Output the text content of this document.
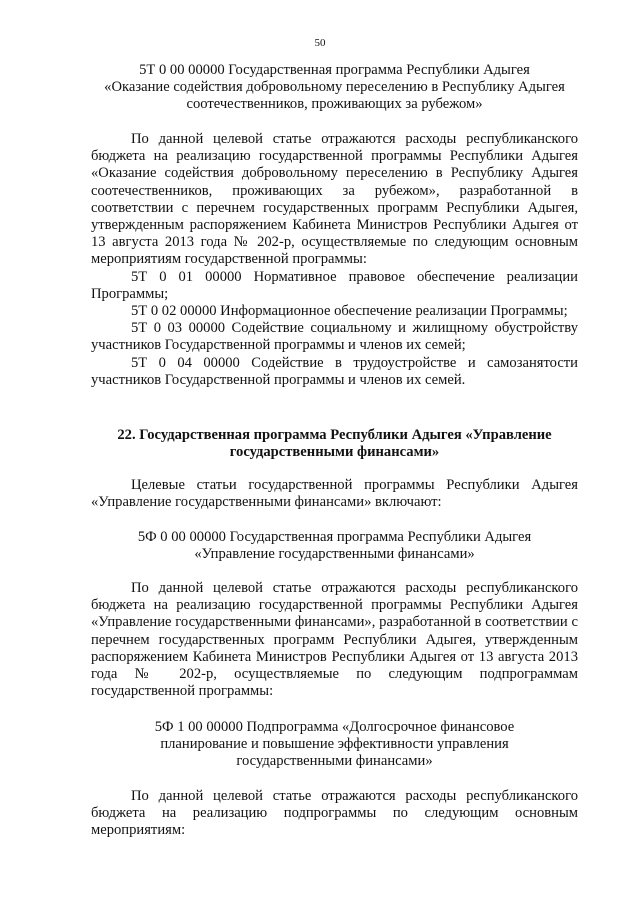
50

5Т 0 00 00000 Государственная программа Республики Адыгея

«Оказание содействия добровольному переселению в Республику Адыгея

соотечественников, проживающих за рубежом»

По данной целевой статье отражаются расходы республиканского бюджета на реализацию государственной программы Республики Адыгея «Оказание содействия добровольному переселению в Республику Адыгея соотечественников, проживающих за рубежом», разработанной в соответствии с перечнем государственных программ Республики Адыгея, утвержденным распоряжением Кабинета Министров Республики Адыгея от 13 августа 2013 года № 202-р, осуществляемые по следующим основным мероприятиям государственной программы:

5Т 0 01 00000 Нормативное правовое обеспечение реализации Программы;

5Т 0 02 00000 Информационное обеспечение реализации Программы;

5Т 0 03 00000 Содействие социальному и жилищному обустройству участников Государственной программы и членов их семей;

5Т 0 04 00000 Содействие в трудоустройстве и самозанятости участников Государственной программы и членов их семей.

22. Государственная программа Республики Адыгея «Управление

государственными финансами»

Целевые статьи государственной программы Республики Адыгея «Управление государственными финансами» включают:

5Ф 0 00 00000 Государственная программа Республики Адыгея

«Управление государственными финансами»

По данной целевой статье отражаются расходы республиканского бюджета на реализацию государственной программы Республики Адыгея «Управление государственными финансами», разработанной в соответствии с перечнем государственных программ Республики Адыгея, утвержденным распоряжением Кабинета Министров Республики Адыгея от 13 августа 2013 года № 202-р, осуществляемые по следующим подпрограммам государственной программы:

5Ф 1 00 00000 Подпрограмма «Долгосрочное финансовое

планирование и повышение эффективности управления

государственными финансами»

По данной целевой статье отражаются расходы республиканского бюджета на реализацию подпрограммы по следующим основным мероприятиям:
